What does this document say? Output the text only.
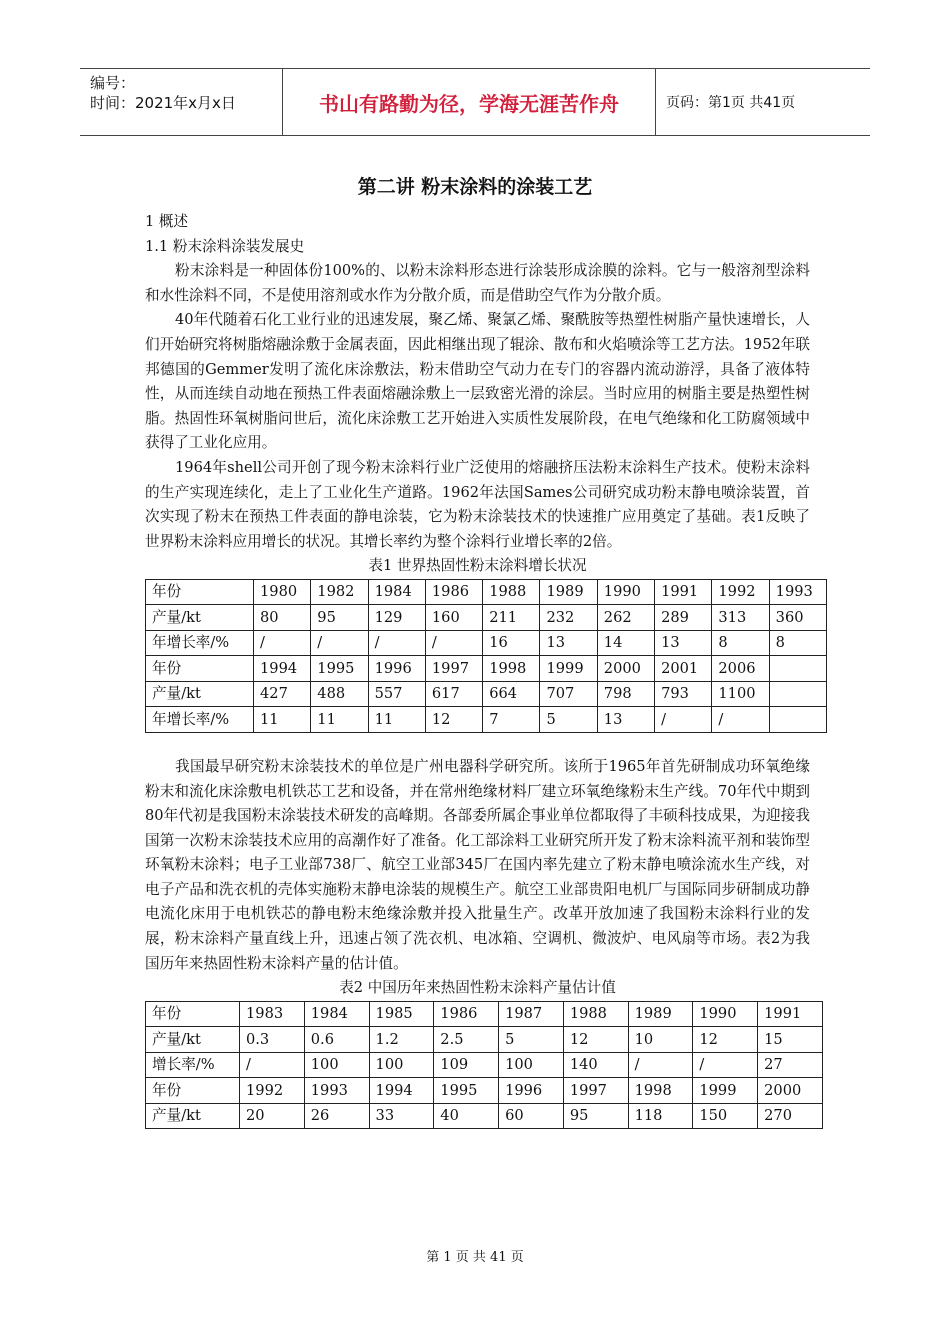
编号：
时间：2021年x月x日	书山有路勤为径，学海无涯苦作舟	页码：第1页 共41页
第二讲 粉末涂料的涂装工艺

1 概述

1.1 粉末涂料涂装发展史

粉末涂料是一种固体份100%的、以粉末涂料形态进行涂装形成涂膜的涂料。它与一般溶剂型涂料和水性涂料不同，不是使用溶剂或水作为分散介质，而是借助空气作为分散介质。

40年代随着石化工业行业的迅速发展，聚乙烯、聚氯乙烯、聚酰胺等热塑性树脂产量快速增长，人们开始研究将树脂熔融涂敷于金属表面，因此相继出现了辊涂、散布和火焰喷涂等工艺方法。1952年联邦德国的Gemmer发明了流化床涂敷法，粉末借助空气动力在专门的容器内流动游浮，具备了液体特性，从而连续自动地在预热工件表面熔融涂敷上一层致密光滑的涂层。当时应用的树脂主要是热塑性树脂。热固性环氧树脂问世后，流化床涂敷工艺开始进入实质性发展阶段，在电气绝缘和化工防腐领域中获得了工业化应用。

1964年shell公司开创了现今粉末涂料行业广泛使用的熔融挤压法粉末涂料生产技术。使粉末涂料的生产实现连续化，走上了工业化生产道路。1962年法国Sames公司研究成功粉末静电喷涂装置，首次实现了粉末在预热工件表面的静电涂装，它为粉末涂装技术的快速推广应用奠定了基础。表1反映了世界粉末涂料应用增长的状况。其增长率约为整个涂料行业增长率的2倍。

表1 世界热固性粉末涂料增长状况

年份	1980	1982	1984	1986	1988	1989	1990	1991	1992	1993
产量/kt	80	95	129	160	211	232	262	289	313	360
年增长率/%	/	/	/	/	16	13	14	13	8	8
年份	1994	1995	1996	1997	1998	1999	2000	2001	2006	
产量/kt	427	488	557	617	664	707	798	793	1100	
年增长率/%	11	11	11	12	7	5	13	/	/	

我国最早研究粉末涂装技术的单位是广州电器科学研究所。该所于1965年首先研制成功环氧绝缘粉末和流化床涂敷电机铁芯工艺和设备，并在常州绝缘材料厂建立环氧绝缘粉末生产线。70年代中期到80年代初是我国粉末涂装技术研发的高峰期。各部委所属企事业单位都取得了丰硕科技成果，为迎接我国第一次粉末涂装技术应用的高潮作好了准备。化工部涂料工业研究所开发了粉末涂料流平剂和装饰型环氧粉末涂料；电子工业部738厂、航空工业部345厂在国内率先建立了粉末静电喷涂流水生产线，对电子产品和洗衣机的壳体实施粉末静电涂装的规模生产。航空工业部贵阳电机厂与国际同步研制成功静电流化床用于电机铁芯的静电粉末绝缘涂敷并投入批量生产。改革开放加速了我国粉末涂料行业的发展，粉末涂料产量直线上升，迅速占领了洗衣机、电冰箱、空调机、微波炉、电风扇等市场。表2为我国历年来热固性粉末涂料产量的估计值。

表2 中国历年来热固性粉末涂料产量估计值

年份	1983	1984	1985	1986	1987	1988	1989	1990	1991
产量/kt	0.3	0.6	1.2	2.5	5	12	10	12	15
增长率/%	/	100	100	109	100	140	/	/	27
年份	1992	1993	1994	1995	1996	1997	1998	1999	2000
产量/kt	20	26	33	40	60	95	118	150	270
第 1 页 共 41 页
